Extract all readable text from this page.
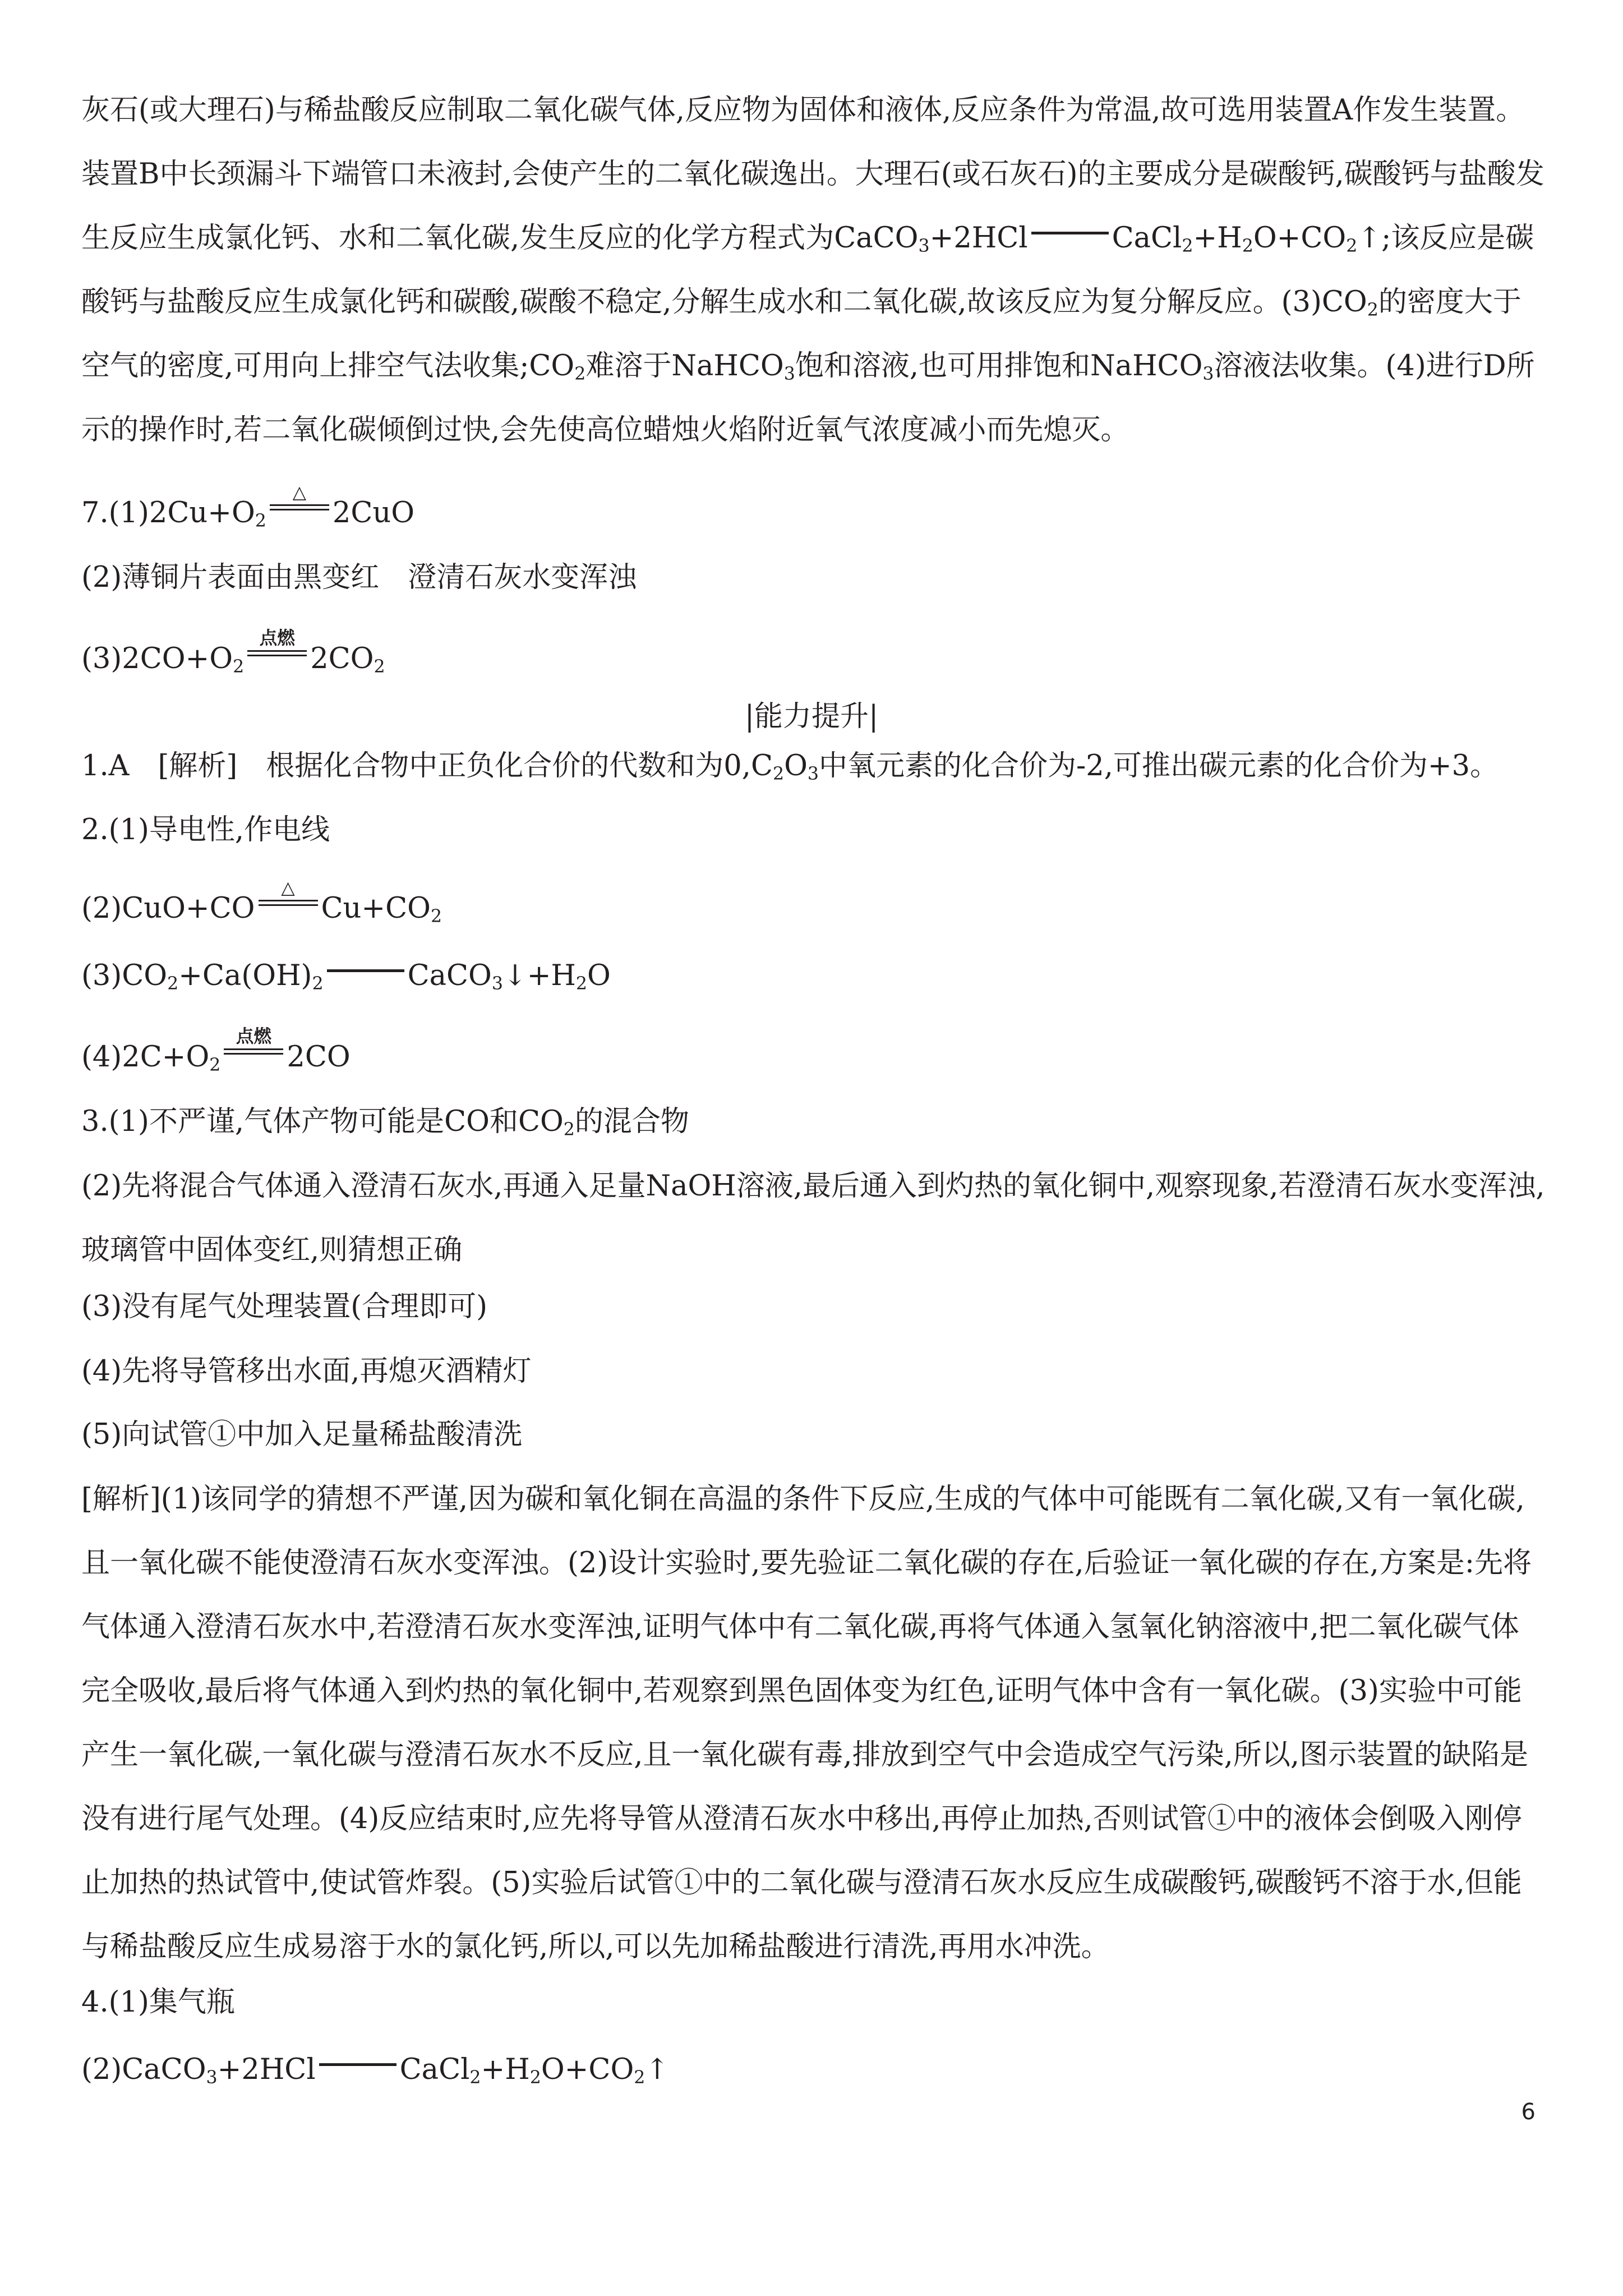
灰石(或大理石)与稀盐酸反应制取二氧化碳气体,反应物为固体和液体,反应条件为常温,故可选用装置A作发生装置。装置B中长颈漏斗下端管口未液封,会使产生的二氧化碳逸出。大理石(或石灰石)的主要成分是碳酸钙,碳酸钙与盐酸发生反应生成氯化钙、水和二氧化碳,发生反应的化学方程式为CaCO$_3$+2HCl	$CaCl_2+H_2O+CO_2↑$;该反应是碳酸钙与盐酸反应生成氯化钙和碳酸,碳酸不稳定,分解生成水和二氧化碳,故该反应为复分解反应。$(3)CO_2$的密度大于空气的密度,可用向上排空气法收集$;CO_2$难溶于NaHCO$_3$饱和溶液,也可用排饱和NaHCO$_3$溶液法收集。(4)进行D所示的操作时,若二氧化碳倾倒过快,会先使高位蜡烛火焰附近氧气浓度减小而先熄灭。
$7.(1)2Cu+O_2$
△
2CuO
(2)薄铜片表面由黑变红　澄清石灰水变浑浊
$(3)2CO+O_2$
点燃
$2CO_2$
|能力提升|
1.A　[解析]　根据化合物中正负化合价的代数和为$0,C_2O_3$中氧元素的化合价为-2,可推出碳元素的化合价为+3。
2.(1)导电性,作电线
(2)CuO+CO
△
$Cu+CO_2$
$(3)CO_2+Ca(OH)_2$	$CaCO_3↓+H_2O$
$(4)2C+O_2$
点燃
2CO
3.(1)不严谨,气体产物可能是CO和$CO_2$的混合物
(2)先将混合气体通入澄清石灰水,再通入足量NaOH溶液,最后通入到灼热的氧化铜中,观察现象,若澄清石灰水变浑浊,玻璃管中固体变红,则猜想正确
(3)没有尾气处理装置(合理即可)
(4)先将导管移出水面,再熄灭酒精灯
(5)向试管①中加入足量稀盐酸清洗
[解析](1)该同学的猜想不严谨,因为碳和氧化铜在高温的条件下反应,生成的气体中可能既有二氧化碳,又有一氧化碳,且一氧化碳不能使澄清石灰水变浑浊。(2)设计实验时,要先验证二氧化碳的存在,后验证一氧化碳的存在,方案是:先将气体通入澄清石灰水中,若澄清石灰水变浑浊,证明气体中有二氧化碳,再将气体通入氢氧化钠溶液中,把二氧化碳气体完全吸收,最后将气体通入到灼热的氧化铜中,若观察到黑色固体变为红色,证明气体中含有一氧化碳。(3)实验中可能产生一氧化碳,一氧化碳与澄清石灰水不反应,且一氧化碳有毒,排放到空气中会造成空气污染,所以,图示装置的缺陷是没有进行尾气处理。(4)反应结束时,应先将导管从澄清石灰水中移出,再停止加热,否则试管①中的液体会倒吸入刚停止加热的热试管中,使试管炸裂。(5)实验后试管①中的二氧化碳与澄清石灰水反应生成碳酸钙,碳酸钙不溶于水,但能与稀盐酸反应生成易溶于水的氯化钙,所以,可以先加稀盐酸进行清洗,再用水冲洗。
4.(1)集气瓶
(2)CaCO$_3$+2HCl	$CaCl_2+H_2O+CO_2↑$
6
